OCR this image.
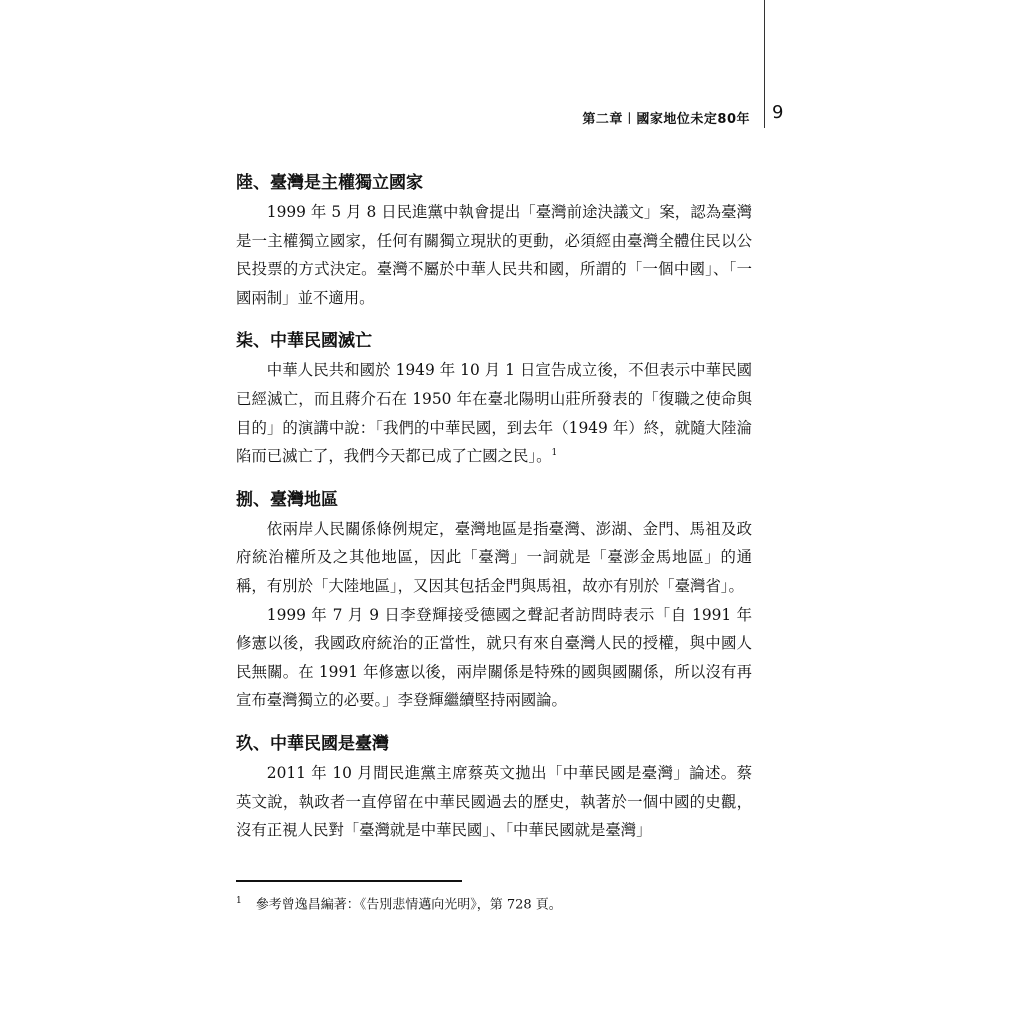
第二章︱國家地位未定80年 9
陸、臺灣是主權獨立國家

1999 年 5 月 8 日民進黨中執會提出「臺灣前途決議文」案，認為臺灣是一主權獨立國家，任何有關獨立現狀的更動，必須經由臺灣全體住民以公民投票的方式決定。臺灣不屬於中華人民共和國，所謂的「一個中國」、「一國兩制」並不適用。

柒、中華民國滅亡

中華人民共和國於 1949 年 10 月 1 日宣告成立後，不但表示中華民國已經滅亡，而且蔣介石在 1950 年在臺北陽明山莊所發表的「復職之使命與目的」的演講中說：「我們的中華民國，到去年（1949 年）終，就隨大陸淪陷而已滅亡了，我們今天都已成了亡國之民」。$^1$

捌、臺灣地區

依兩岸人民關係條例規定，臺灣地區是指臺灣、澎湖、金門、馬祖及政府統治權所及之其他地區，因此「臺灣」一詞就是「臺澎金馬地區」的通稱，有別於「大陸地區」，又因其包括金門與馬祖，故亦有別於「臺灣省」。

1999 年 7 月 9 日李登輝接受德國之聲記者訪問時表示「自 1991 年修憲以後，我國政府統治的正當性，就只有來自臺灣人民的授權，與中國人民無關。在 1991 年修憲以後，兩岸關係是特殊的國與國關係，所以沒有再宣布臺灣獨立的必要。」李登輝繼續堅持兩國論。

玖、中華民國是臺灣

2011 年 10 月間民進黨主席蔡英文拋出「中華民國是臺灣」論述。蔡英文說，執政者一直停留在中華民國過去的歷史，執著於一個中國的史觀，沒有正視人民對「臺灣就是中華民國」、「中華民國就是臺灣」

$^1$ 參考曾逸昌編著：《告別悲情邁向光明》，第 728 頁。
